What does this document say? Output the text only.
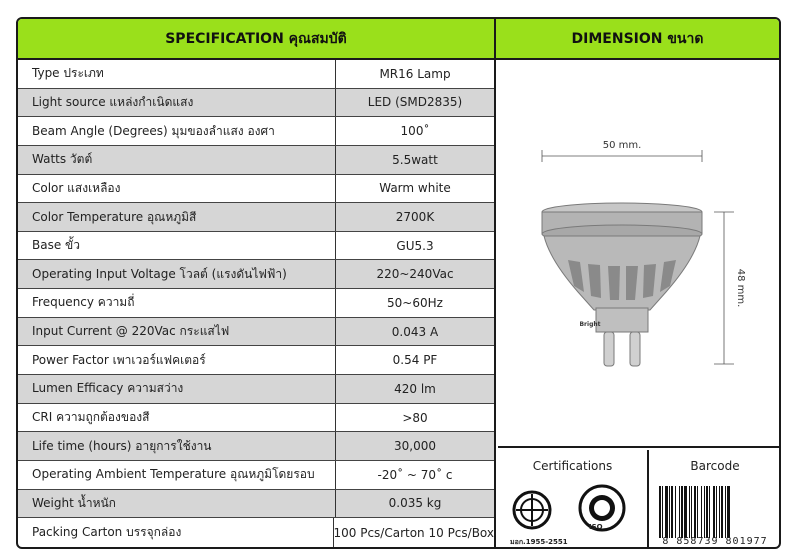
SPECIFICATION คุณสมบัติ	DIMENSION ขนาด
Type ประเภท	MR16 Lamp
Light source แหล่งกำเนิดแสง	LED (SMD2835)
Beam Angle (Degrees) มุมของลำแสง องศา	100˚
Watts วัตต์	5.5watt
Color แสงเหลือง	Warm white
Color Temperature อุณหภูมิสี	2700K
Base ขั้ว	GU5.3
Operating Input Voltage โวลต์ (แรงดันไฟฟ้า)	220~240Vac
Frequency ความถี่	50~60Hz
Input Current @ 220Vac กระแสไฟ	0.043 A
Power Factor เพาเวอร์แฟคเตอร์	0.54 PF
Lumen Efficacy ความสว่าง	420 lm
CRI ความถูกต้องของสี	>80
Life time (hours) อายุการใช้งาน	30,000
Operating Ambient Temperature อุณหภูมิโดยรอบ	-20˚ ~ 70˚ c
Weight น้ำหนัก	0.035 kg
Packing Carton บรรจุกล่อง	100 Pcs/Carton 10 Pcs/Box
50 mm.
48 mm.
Bright
Certifications
ISO
มอก.1955-2551
Barcode
8 858739 801977
